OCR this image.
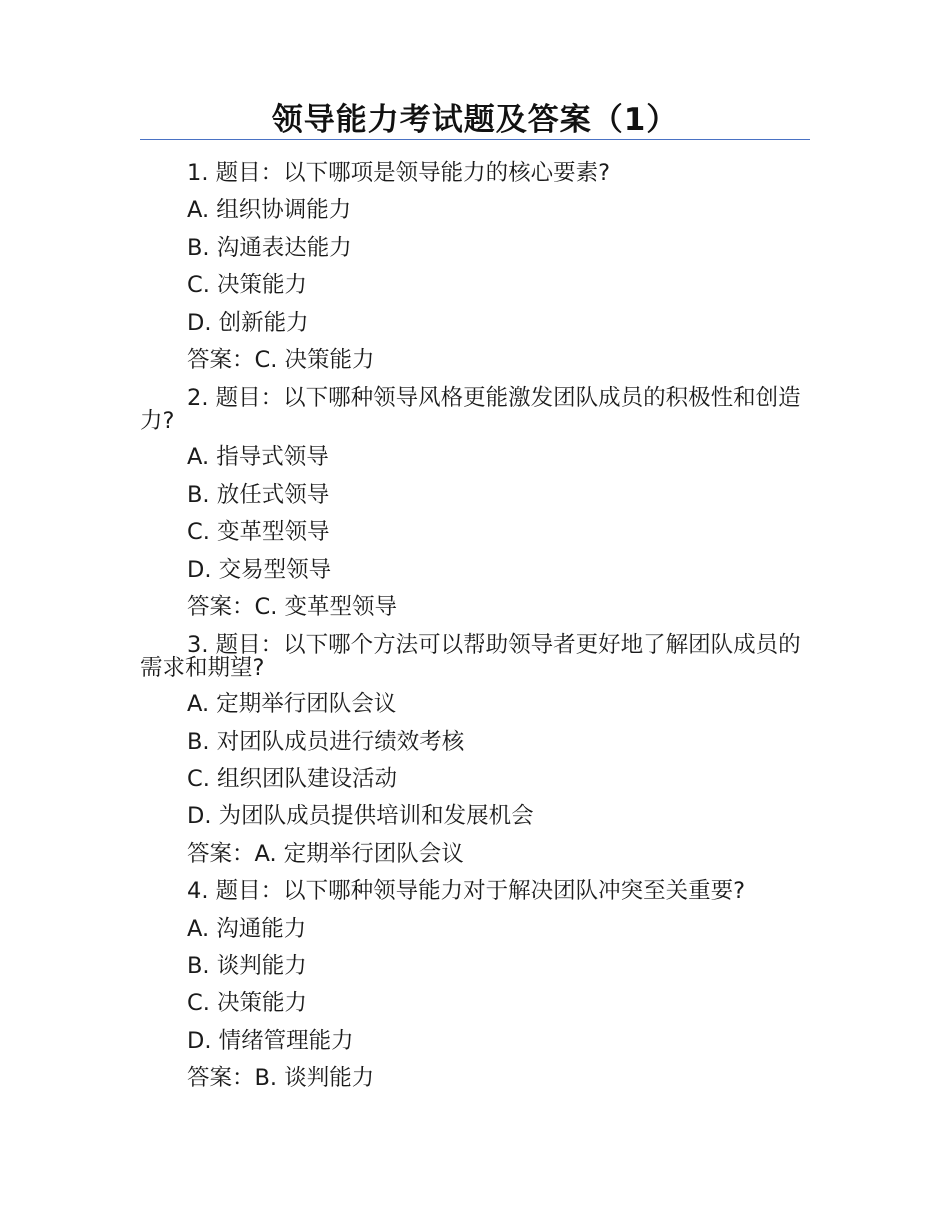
领导能力考试题及答案（1）
1. 题目：以下哪项是领导能力的核心要素?
A. 组织协调能力
B. 沟通表达能力
C. 决策能力
D. 创新能力
答案：C. 决策能力
2. 题目：以下哪种领导风格更能激发团队成员的积极性和创造力?
A. 指导式领导
B. 放任式领导
C. 变革型领导
D. 交易型领导
答案：C. 变革型领导
3. 题目：以下哪个方法可以帮助领导者更好地了解团队成员的需求和期望?
A. 定期举行团队会议
B. 对团队成员进行绩效考核
C. 组织团队建设活动
D. 为团队成员提供培训和发展机会
答案：A. 定期举行团队会议
4. 题目：以下哪种领导能力对于解决团队冲突至关重要?
A. 沟通能力
B. 谈判能力
C. 决策能力
D. 情绪管理能力
答案：B. 谈判能力
